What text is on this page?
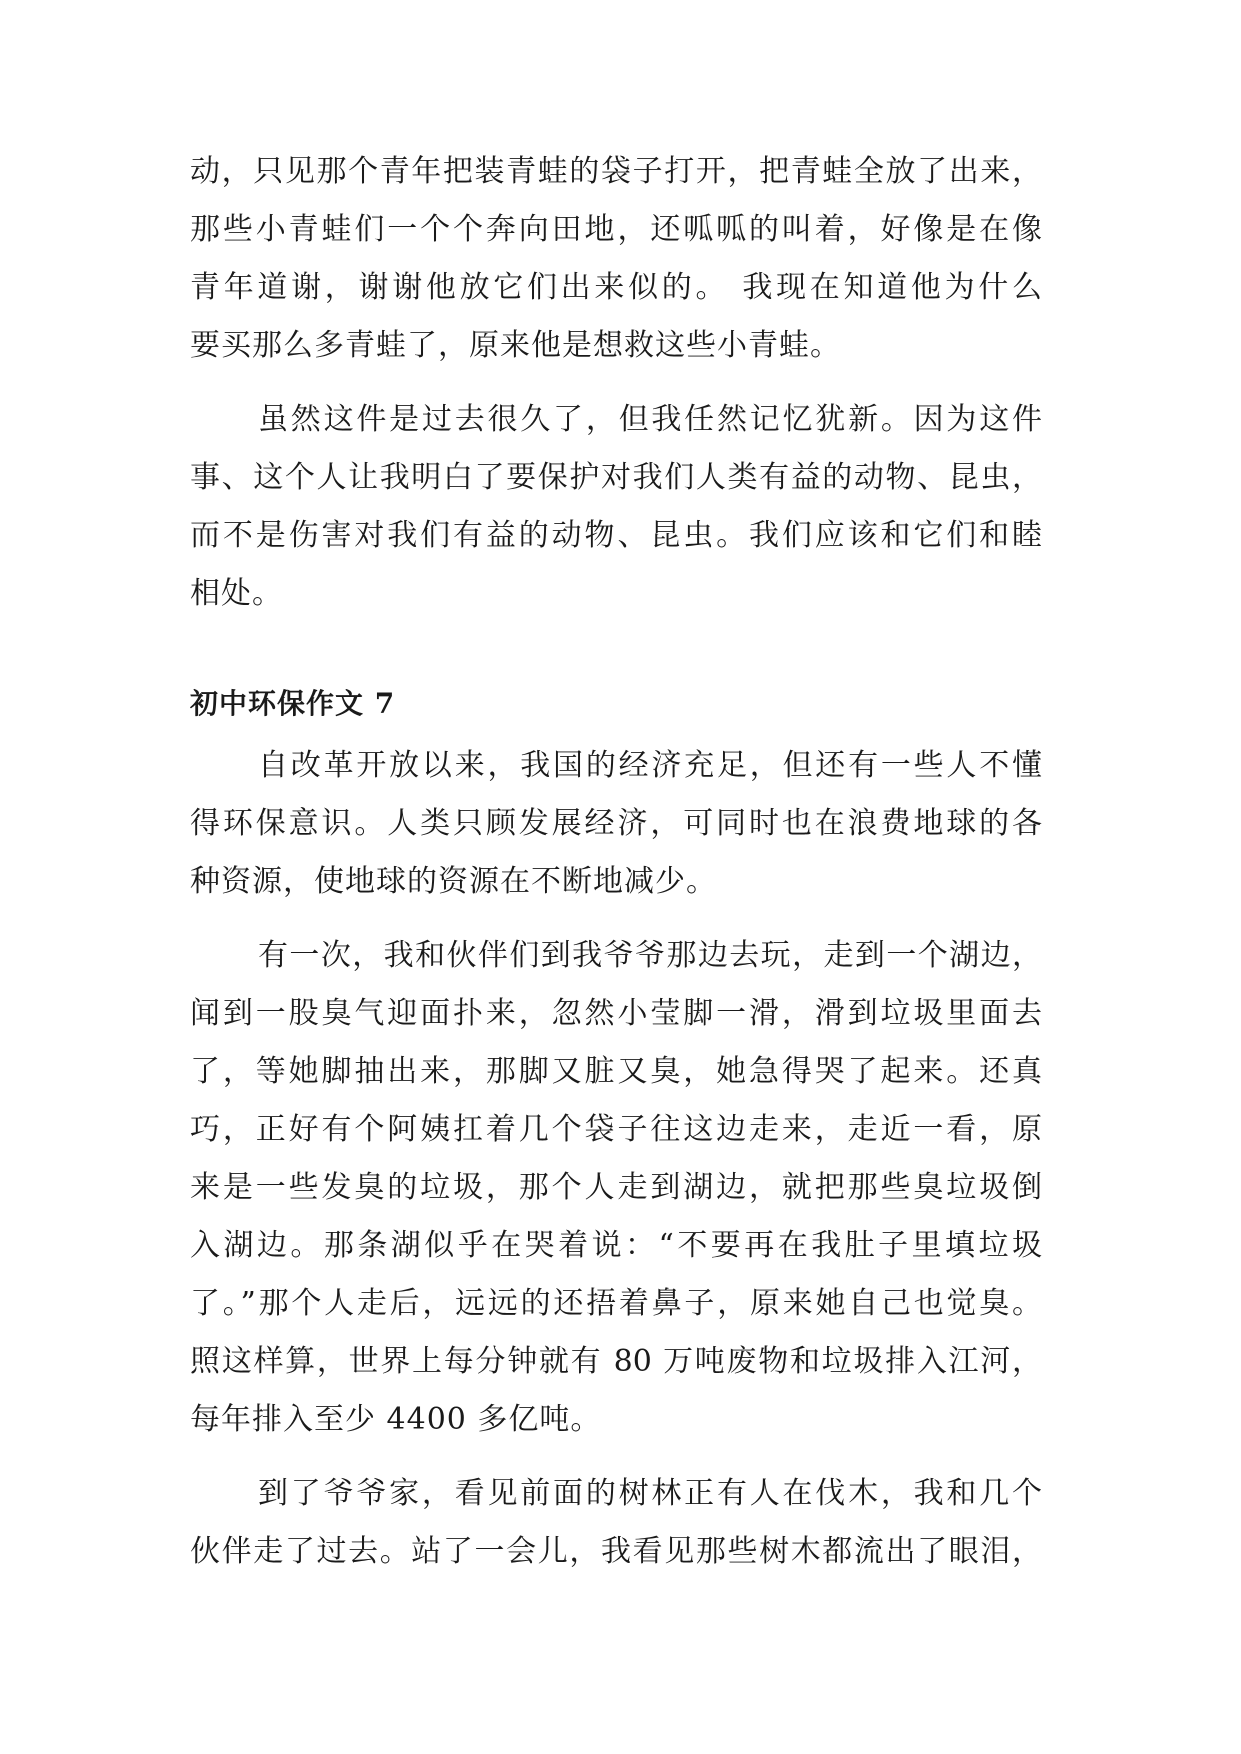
动，只见那个青年把装青蛙的袋子打开，把青蛙全放了出来，

那些小青蛙们一个个奔向田地，还呱呱的叫着，好像是在像

青年道谢，谢谢他放它们出来似的。 我现在知道他为什么

要买那么多青蛙了，原来他是想救这些小青蛙。

虽然这件是过去很久了，但我任然记忆犹新。因为这件

事、这个人让我明白了要保护对我们人类有益的动物、昆虫，

而不是伤害对我们有益的动物、昆虫。我们应该和它们和睦

相处。

初中环保作文 7

自改革开放以来，我国的经济充足，但还有一些人不懂

得环保意识。人类只顾发展经济，可同时也在浪费地球的各

种资源，使地球的资源在不断地减少。

有一次，我和伙伴们到我爷爷那边去玩，走到一个湖边，

闻到一股臭气迎面扑来，忽然小莹脚一滑，滑到垃圾里面去

了，等她脚抽出来，那脚又脏又臭，她急得哭了起来。还真

巧，正好有个阿姨扛着几个袋子往这边走来，走近一看，原

来是一些发臭的垃圾，那个人走到湖边，就把那些臭垃圾倒

入湖边。那条湖似乎在哭着说：“不要再在我肚子里填垃圾

了。”那个人走后，远远的还捂着鼻子，原来她自己也觉臭。

照这样算，世界上每分钟就有 80 万吨废物和垃圾排入江河，

每年排入至少 4400 多亿吨。

到了爷爷家，看见前面的树林正有人在伐木，我和几个

伙伴走了过去。站了一会儿，我看见那些树木都流出了眼泪，
